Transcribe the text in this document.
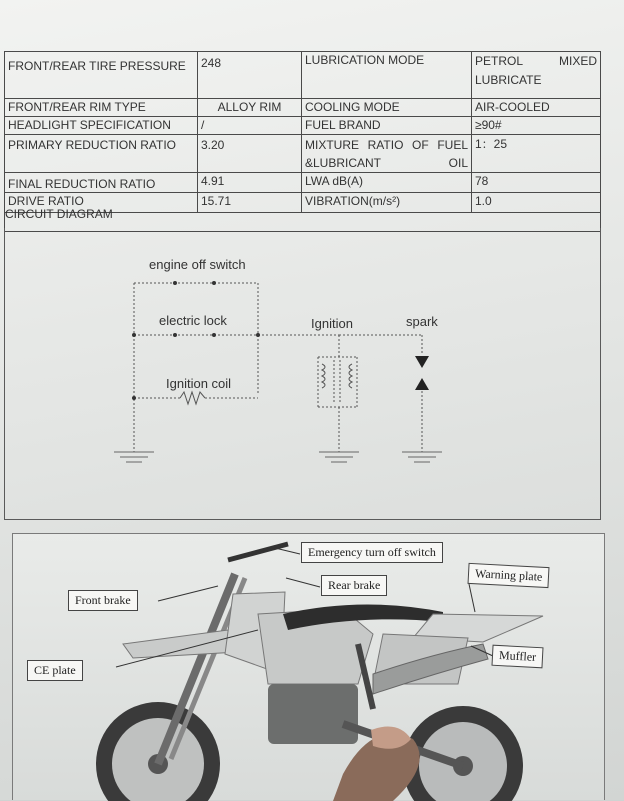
FRONT/REAR TIRE PRESSURE	248	LUBRICATION MODE	PETROL MIXED
LUBRICATE
FRONT/REAR RIM TYPE	ALLOY RIM	COOLING MODE	AIR-COOLED
HEADLIGHT SPECIFICATION	/	FUEL BRAND	≥90#
PRIMARY REDUCTION RATIO	3.20	MIXTURE RATIO OF FUEL &LUBRICANT OIL
1：25
FINAL REDUCTION RATIO	4.91	LWA dB(A)	78
DRIVE RATIO	15.71	VIBRATION(m/s²)	1.0
CIRCUIT DIAGRAM
engine off switch
electric lock
Ignition coil
Ignition	spark
Emergency turn off switch
Rear brake
Warning plate
Front brake
CE plate
Muffler
